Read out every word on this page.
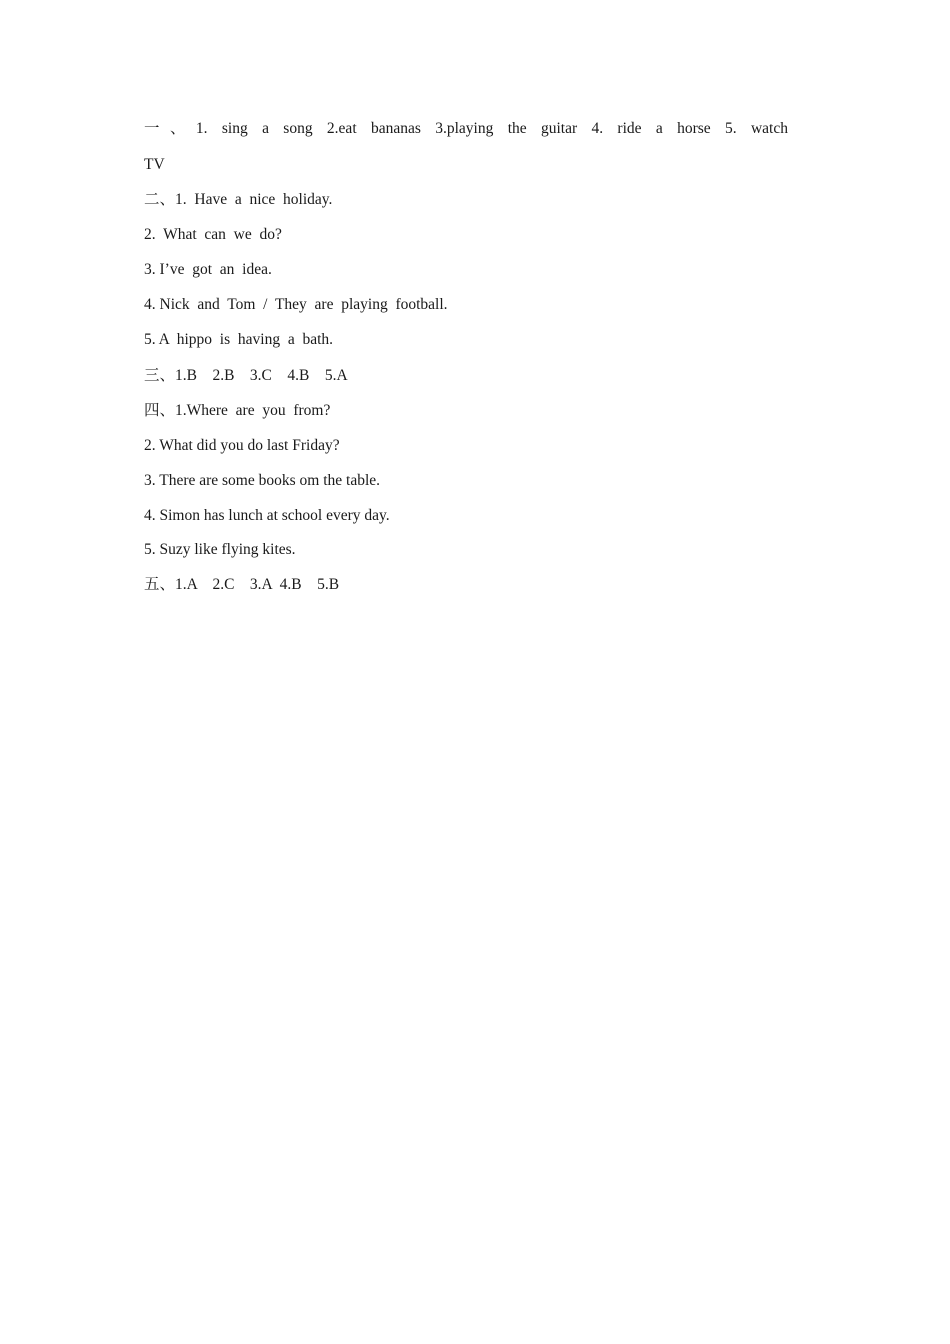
一、1. sing a song 2.eat bananas 3.playing the guitar 4. ride a horse 5. watch
TV
二、1.  Have  a  nice  holiday.
2.  What  can  we  do?
3. I’ve  got  an  idea.
4. Nick  and  Tom  /  They  are  playing  football.
5. A  hippo  is  having  a  bath.
三、1.B    2.B    3.C    4.B    5.A
四、1.Where  are  you  from?
2. What did you do last Friday?
3. There are some books om the table.
4. Simon has lunch at school every day.
5. Suzy like flying kites.
五、1.A    2.C    3.A  4.B    5.B
